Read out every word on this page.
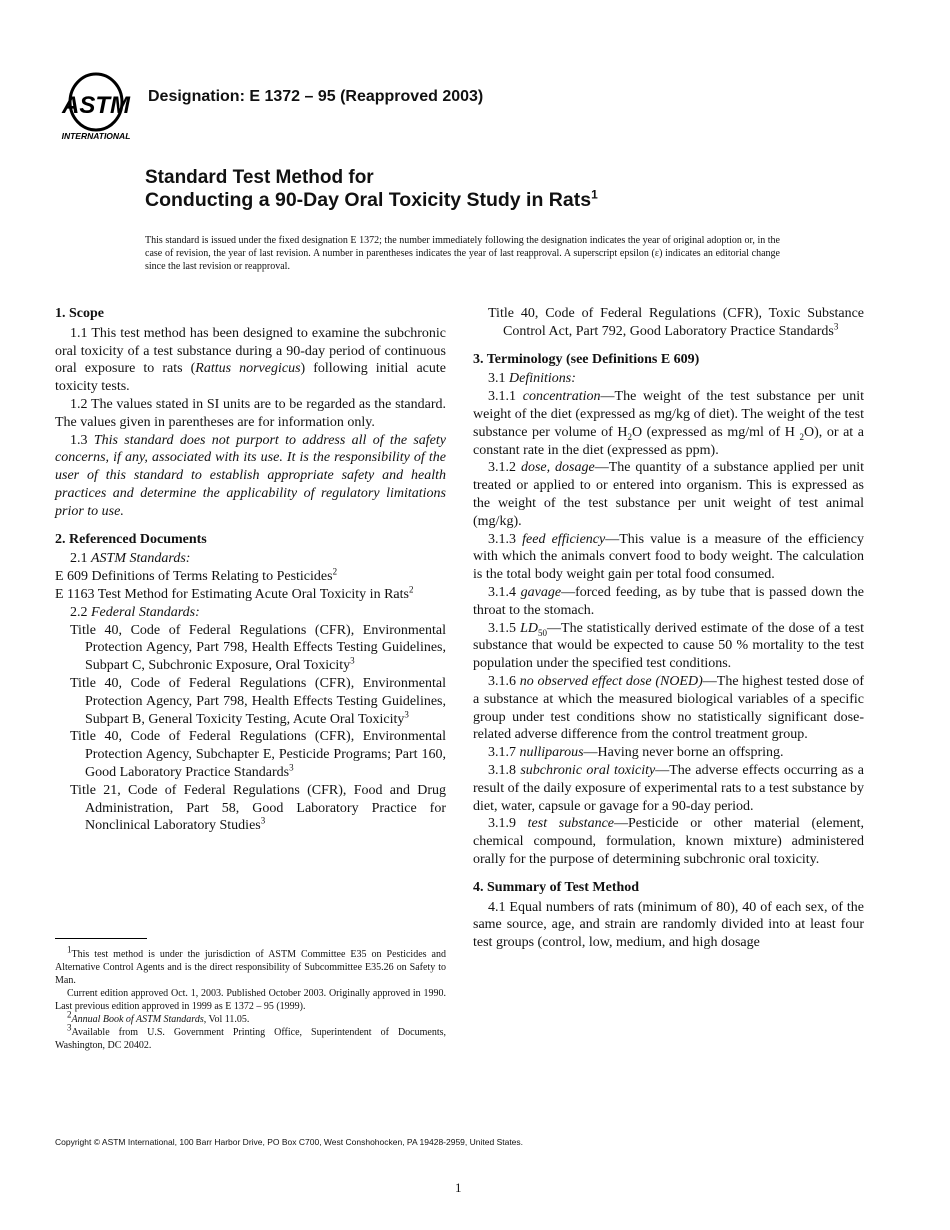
ASTM
INTERNATIONAL
Designation: E 1372 – 95 (Reapproved 2003)
Standard Test Method for
Conducting a 90-Day Oral Toxicity Study in Rats$^1$
This standard is issued under the fixed designation E 1372; the number immediately following the designation indicates the year of original adoption or, in the case of revision, the year of last revision. A number in parentheses indicates the year of last reapproval. A superscript epsilon (ε) indicates an editorial change since the last revision or reapproval.
1. Scope

1.1 This test method has been designed to examine the subchronic oral toxicity of a test substance during a 90-day period of continuous oral exposure to rats (Rattus norvegicus) following initial acute toxicity tests.

1.2 The values stated in SI units are to be regarded as the standard. The values given in parentheses are for information only.

1.3 This standard does not purport to address all of the safety concerns, if any, associated with its use. It is the responsibility of the user of this standard to establish appropriate safety and health practices and determine the applicability of regulatory limitations prior to use.

2. Referenced Documents

2.1 ASTM Standards:

E 609 Definitions of Terms Relating to Pesticides$^2$

E 1163 Test Method for Estimating Acute Oral Toxicity in Rats$^2$

2.2 Federal Standards:

Title 40, Code of Federal Regulations (CFR), Environmental Protection Agency, Part 798, Health Effects Testing Guidelines, Subpart C, Subchronic Exposure, Oral Toxicity$^3$

Title 40, Code of Federal Regulations (CFR), Environmental Protection Agency, Part 798, Health Effects Testing Guidelines, Subpart B, General Toxicity Testing, Acute Oral Toxicity$^3$

Title 40, Code of Federal Regulations (CFR), Environmental Protection Agency, Subchapter E, Pesticide Programs; Part 160, Good Laboratory Practice Standards$^3$

Title 21, Code of Federal Regulations (CFR), Food and Drug Administration, Part 58, Good Laboratory Practice for Nonclinical Laboratory Studies$^3$

Title 40, Code of Federal Regulations (CFR), Toxic Substance Control Act, Part 792, Good Laboratory Practice Standards$^3$

3. Terminology (see Definitions E 609)

3.1 Definitions:

3.1.1 concentration—The weight of the test substance per unit weight of the diet (expressed as mg/kg of diet). The weight of the test substance per volume of $H_2O$ (expressed as mg/ml of H $_2$O), or at a constant rate in the diet (expressed as ppm).

3.1.2 dose, dosage—The quantity of a substance applied per unit treated or applied to or entered into organism. This is expressed as the weight of the test substance per unit weight of test animal (mg/kg).

3.1.3 feed efficiency—This value is a measure of the efficiency with which the animals convert food to body weight. The calculation is the total body weight gain per total food consumed.

3.1.4 gavage—forced feeding, as by tube that is passed down the throat to the stomach.

3.1.5 $LD_{50}—The$ statistically derived estimate of the dose of a test substance that would be expected to cause 50 % mortality to the test population under the specified test conditions.

3.1.6 no observed effect dose (NOED)—The highest tested dose of a substance at which the measured biological variables of a specific group under test conditions show no statistically significant dose-related adverse difference from the control treatment group.

3.1.7 nulliparous—Having never borne an offspring.

3.1.8 subchronic oral toxicity—The adverse effects occurring as a result of the daily exposure of experimental rats to a test substance by diet, water, capsule or gavage for a 90-day period.

3.1.9 test substance—Pesticide or other material (element, chemical compound, formulation, known mixture) administered orally for the purpose of determining subchronic oral toxicity.

4. Summary of Test Method

4.1 Equal numbers of rats (minimum of 80), 40 of each sex, of the same source, age, and strain are randomly divided into at least four test groups (control, low, medium, and high dosage

$^1$This test method is under the jurisdiction of ASTM Committee E35 on Pesticides and Alternative Control Agents and is the direct responsibility of Subcommittee E35.26 on Safety to Man.

Current edition approved Oct. 1, 2003. Published October 2003. Originally approved in 1990. Last previous edition approved in 1999 as E 1372 – 95 (1999).

$^2$Annual Book of ASTM Standards, Vol 11.05.

$^3$Available from U.S. Government Printing Office, Superintendent of Documents, Washington, DC 20402.

Copyright © ASTM International, 100 Barr Harbor Drive, PO Box C700, West Conshohocken, PA 19428-2959, United States.
1
